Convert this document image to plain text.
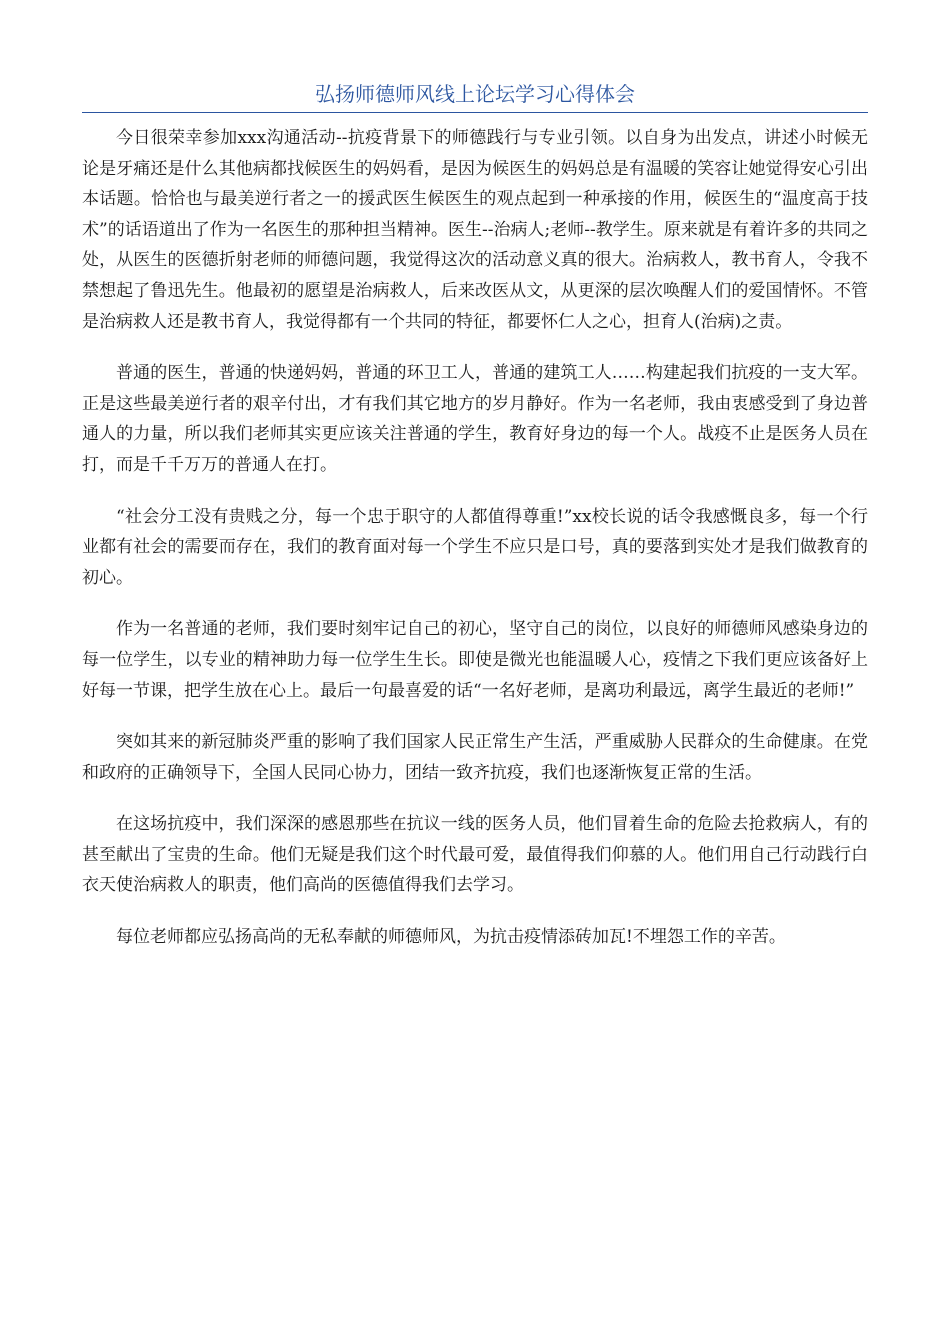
弘扬师德师风线上论坛学习心得体会

今日很荣幸参加xxx沟通活动--抗疫背景下的师德践行与专业引领。以自身为出发点，讲述小时候无论是牙痛还是什么其他病都找候医生的妈妈看，是因为候医生的妈妈总是有温暖的笑容让她觉得安心引出本话题。恰恰也与最美逆行者之一的援武医生候医生的观点起到一种承接的作用，候医生的“温度高于技术”的话语道出了作为一名医生的那种担当精神。医生--治病人;老师--教学生。原来就是有着许多的共同之处，从医生的医德折射老师的师德问题，我觉得这次的活动意义真的很大。治病救人，教书育人，令我不禁想起了鲁迅先生。他最初的愿望是治病救人，后来改医从文，从更深的层次唤醒人们的爱国情怀。不管是治病救人还是教书育人，我觉得都有一个共同的特征，都要怀仁人之心，担育人(治病)之责。

普通的医生，普通的快递妈妈，普通的环卫工人，普通的建筑工人……构建起我们抗疫的一支大军。正是这些最美逆行者的艰辛付出，才有我们其它地方的岁月静好。作为一名老师，我由衷感受到了身边普通人的力量，所以我们老师其实更应该关注普通的学生，教育好身边的每一个人。战疫不止是医务人员在打，而是千千万万的普通人在打。

“社会分工没有贵贱之分，每一个忠于职守的人都值得尊重!”xx校长说的话令我感慨良多，每一个行业都有社会的需要而存在，我们的教育面对每一个学生不应只是口号，真的要落到实处才是我们做教育的初心。

作为一名普通的老师，我们要时刻牢记自己的初心，坚守自己的岗位，以良好的师德师风感染身边的每一位学生，以专业的精神助力每一位学生生长。即使是微光也能温暖人心，疫情之下我们更应该备好上好每一节课，把学生放在心上。最后一句最喜爱的话“一名好老师，是离功利最远，离学生最近的老师!”

突如其来的新冠肺炎严重的影响了我们国家人民正常生产生活，严重威胁人民群众的生命健康。在党和政府的正确领导下，全国人民同心协力，团结一致齐抗疫，我们也逐渐恢复正常的生活。

在这场抗疫中，我们深深的感恩那些在抗议一线的医务人员，他们冒着生命的危险去抢救病人，有的甚至献出了宝贵的生命。他们无疑是我们这个时代最可爱，最值得我们仰慕的人。他们用自己行动践行白衣天使治病救人的职责，他们高尚的医德值得我们去学习。

每位老师都应弘扬高尚的无私奉献的师德师风，为抗击疫情添砖加瓦!不埋怨工作的辛苦。
